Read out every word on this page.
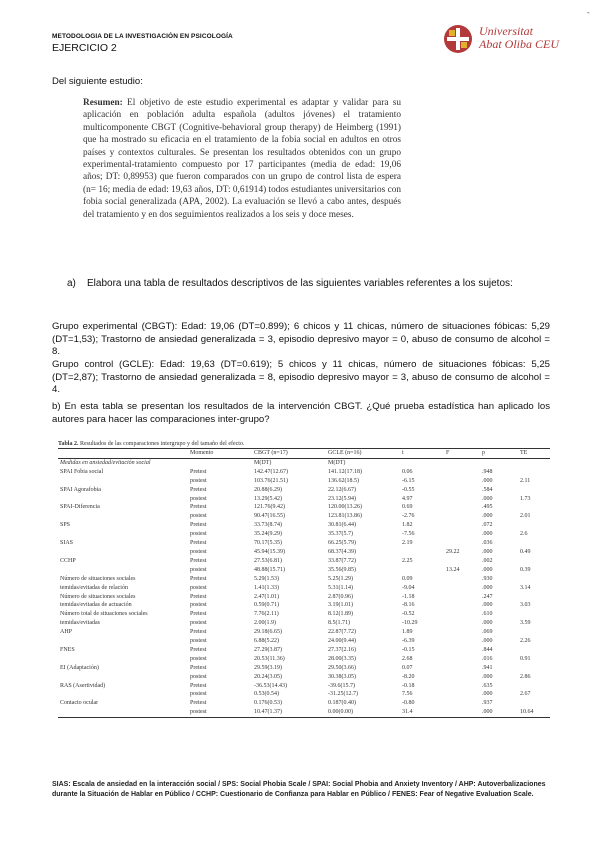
METODOLOGIA DE LA INVESTIGACIÓN EN PSICOLOGÍA
EJERCICIO 2
Universitat
Abat Oliba CEU
-
Del siguiente estudio:
Resumen: El objetivo de este estudio experimental es adaptar y validar para su aplicación en población adulta española (adultos jóvenes) el tratamiento multicomponente CBGT (Cognitive-behavioral group therapy) de Heimberg (1991) que ha mostrado su eficacia en el tratamiento de la fobia social en adultos en otros países y contextos culturales. Se presentan los resultados obtenidos con un grupo experimental-tratamiento compuesto por 17 participantes (media de edad: 19,06 años; DT: 0,89953) que fueron comparados con un grupo de control lista de espera (n= 16; media de edad: 19,63 años, DT: 0,61914) todos estudiantes universitarios con fobia social generalizada (APA, 2002). La evaluación se llevó a cabo antes, después del tratamiento y en dos seguimientos realizados a los seis y doce meses.
a)	Elabora una tabla de resultados descriptivos de las siguientes variables referentes a los sujetos:
Grupo experimental (CBGT): Edad: 19,06 (DT=0.899); 6 chicos y 11 chicas, número de situaciones fóbicas: 5,29 (DT=1,53); Trastorno de ansiedad generalizada = 3, episodio depresivo mayor = 0, abuso de consumo de alcohol = 8.
Grupo control (GCLE): Edad: 19,63 (DT=0.619); 5 chicos y 11 chicas, número de situaciones fóbicas: 5,25 (DT=2,87); Trastorno de ansiedad generalizada = 8, episodio depresivo mayor = 3, abuso de consumo de alcohol = 4.
b) En esta tabla se presentan los resultados de la intervención CBGT. ¿Qué prueba estadística han aplicado los autores para hacer las comparaciones inter-grupo?
Tabla 2. Resultados de las comparaciones intergrupo y del tamaño del efecto.
	Momento	CBGT (n=17)	GCLE (n=16)	t	F	p	TE
Medidas en ansiedad/evitación social		M(DT)	M(DT)				
SPAI Fobia social	Pretest	142.47(12.67)	141.12(17.18)	0.06		.948	
	postest	103.76(21.51)	136.62(18.5)	-6.15		.000	2.11
SPAI Agorafobia	Pretest	20.88(6.29)	22.12(6.67)	-0.55		.584	
	postest	13.29(5.42)	23.12(5.94)	4.97		.000	1.73
SPAI-Diferencia	Pretest	121.76(9.42)	120.00(13.26)	0.69		.495	
	postest	90.47(16.55)	123.81(13.86)	-2.76		.000	2.01
SPS	Pretest	33.73(8.74)	30.81(6.44)	1.82		.072	
	postest	35.24(9.29)	35.37(5.7)	-7.56		.000	2.6
SIAS	Pretest	70.17(5.35)	66.25(5.79)	2.19		.036	
	postest	45.94(15.39)	68.37(4.39)		29.22	.000	0.49
CCHP	Pretest	27.53(6.81)	33.87(7.72)	2.25		.002	
	postest	48.88(15.71)	35.56(9.85)		13.24	.000	0.39
Número de situaciones sociales	Pretest	5.29(1.53)	5.25(1.29)	0.09		.930	
temidas/evitadas de relación	postest	1.41(1.33)	5.31(1.14)	-9.04		.000	3.14
Número de situaciones sociales	Pretest	2.47(1.01)	2.87(0.96)	-1.18		.247	
temidas/evitadas de actuación	postest	0.59(0.71)	3.19(1.01)	-8.16		.000	3.03
Número total de situaciones sociales	Pretest	7.76(2.11)	8.12(1.89)	-0.52		.610	
temidas/evitadas	postest	2.00(1.9)	8.5(1.71)	-10.29		.000	3.59
AHP	Pretest	29.18(6.65)	22.87(7.72)	1.89		.069	
	postest	6.88(5.22)	24.00(9.44)	-6.39		.000	2.26
FNES	Pretest	27.29(3.87)	27.37(2.16)	-0.15		.844	
	postest	20.53(11.36)	28.00(3.35)	2.68		.016	0.91
EI (Adaptación)	Pretest	29.59(3.19)	29.50(3.66)	0.07		.941	
	postest	20.24(3.05)	30.38(3.05)	-8.20		.000	2.86
RAS (Asertividad)	Pretest	-36.53(14.43)	-39.6(15.7)	-0.18		.635	
	postest	0.53(0.54)	-31.25(12.7)	7.56		.000	2.67
Contacto ocular	Pretest	0.176(0.53)	0.187(0.40)	-0.80		.937	
	postest	10.47(1.37)	0.00(0.00)	31.4		.000	10.64
SIAS: Escala de ansiedad en la interacción social / SPS: Social Phobia Scale / SPAI: Social Phobia and Anxiety Inventory / AHP: Autoverbalizaciones durante la Situación de Hablar en Público / CCHP: Cuestionario de Confianza para Hablar en Público / FENES: Fear of Negative Evaluation Scale.
